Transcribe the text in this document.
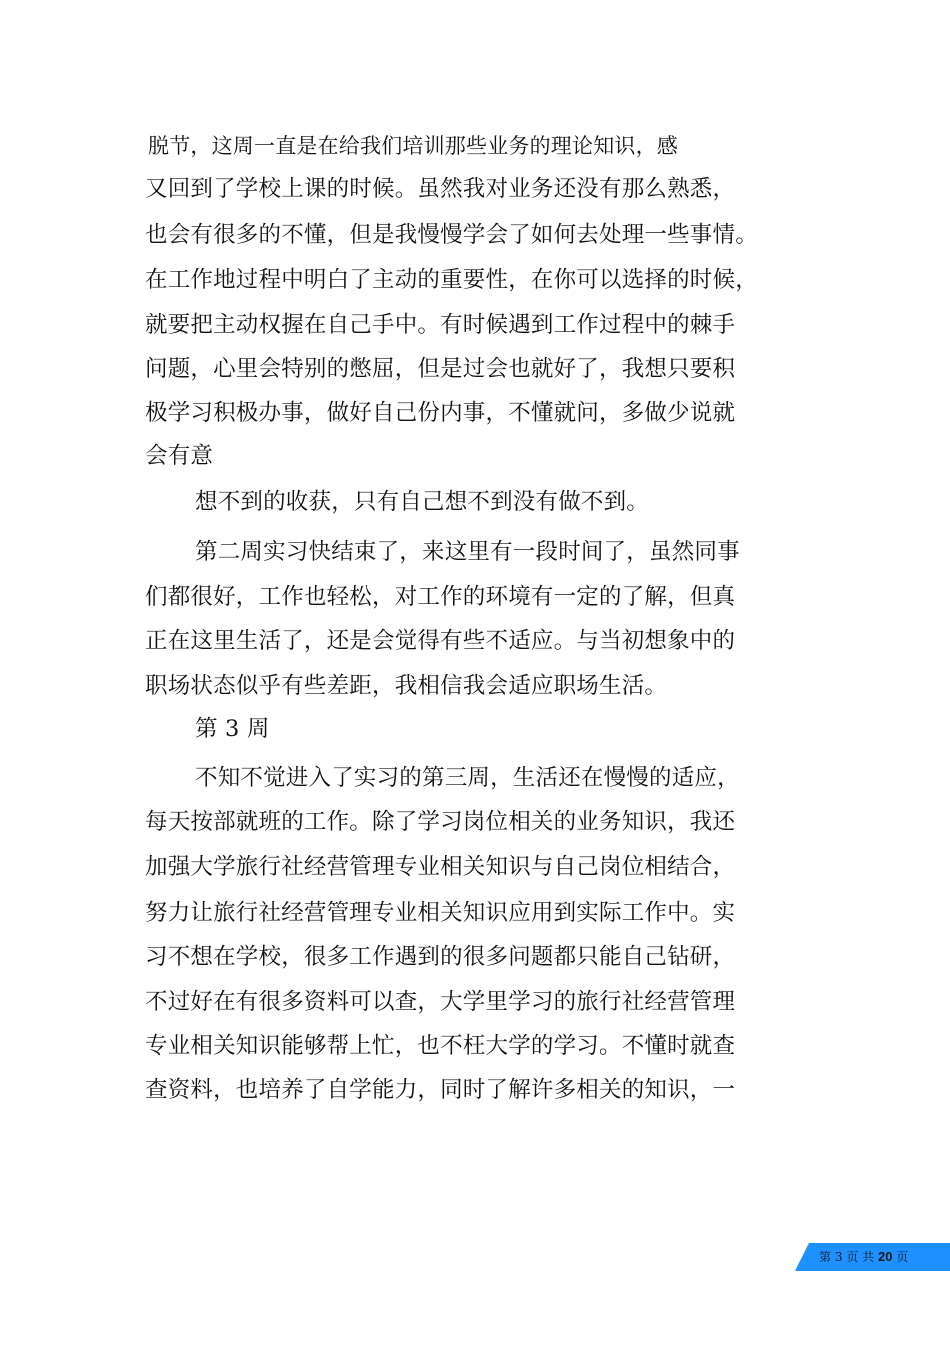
脱节，这周一直是在给我们培训那些业务的理论知识，感
又回到了学校上课的时候。虽然我对业务还没有那么熟悉，
也会有很多的不懂，但是我慢慢学会了如何去处理一些事情。
在工作地过程中明白了主动的重要性，在你可以选择的时候，
就要把主动权握在自己手中。有时候遇到工作过程中的棘手
问题，心里会特别的憋屈，但是过会也就好了，我想只要积
极学习积极办事，做好自己份内事，不懂就问，多做少说就
会有意
想不到的收获，只有自己想不到没有做不到。
第二周实习快结束了，来这里有一段时间了，虽然同事
们都很好，工作也轻松，对工作的环境有一定的了解，但真
正在这里生活了，还是会觉得有些不适应。与当初想象中的
职场状态似乎有些差距，我相信我会适应职场生活。
第 3 周
不知不觉进入了实习的第三周，生活还在慢慢的适应，
每天按部就班的工作。除了学习岗位相关的业务知识，我还
加强大学旅行社经营管理专业相关知识与自己岗位相结合，
努力让旅行社经营管理专业相关知识应用到实际工作中。实
习不想在学校，很多工作遇到的很多问题都只能自己钻研，
不过好在有很多资料可以查，大学里学习的旅行社经营管理
专业相关知识能够帮上忙，也不枉大学的学习。不懂时就查
查资料，也培养了自学能力，同时了解许多相关的知识，一
第 3 页 共 20 页
